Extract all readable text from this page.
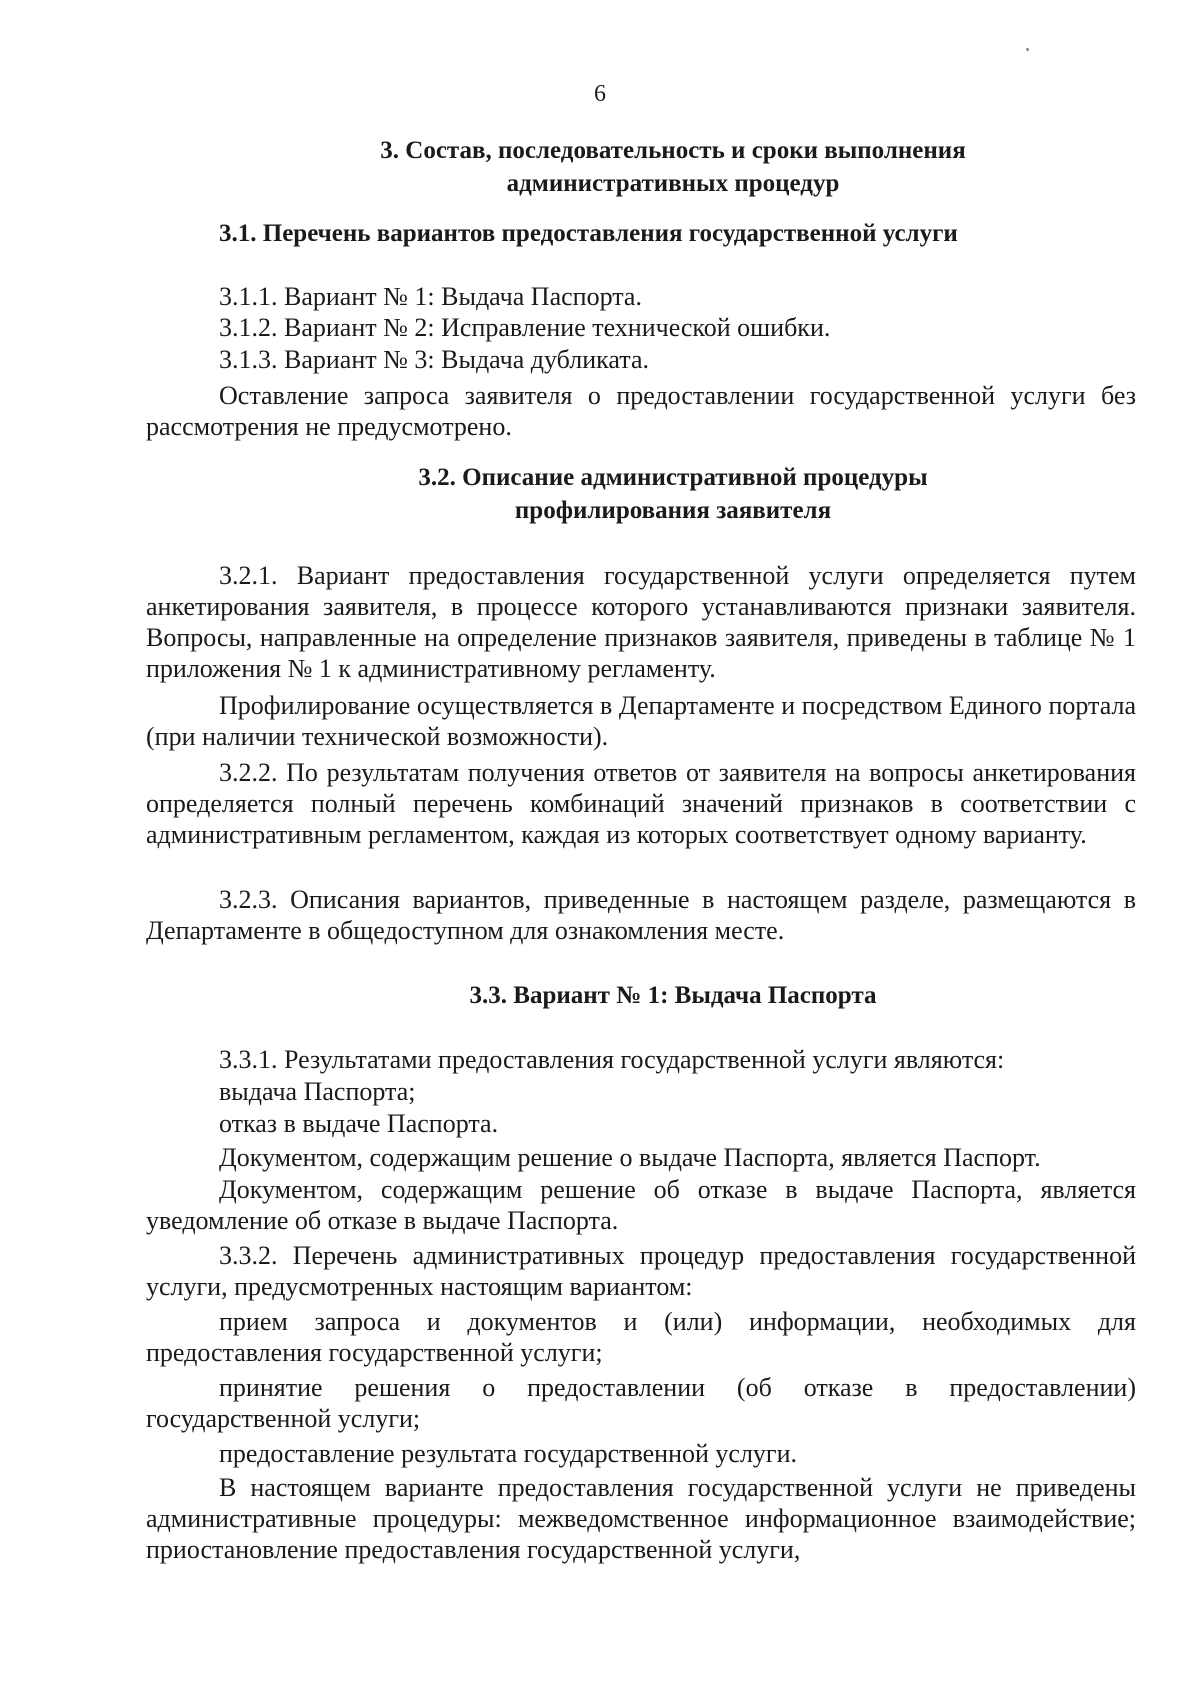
6
3. Состав, последовательность и сроки выполнения
административных процедур
3.1. Перечень вариантов предоставления государственной услуги
3.1.1. Вариант № 1: Выдача Паспорта.
3.1.2. Вариант № 2: Исправление технической ошибки.
3.1.3. Вариант № 3: Выдача дубликата.
Оставление запроса заявителя о предоставлении государственной услуги без рассмотрения не предусмотрено.
3.2. Описание административной процедуры
профилирования заявителя
3.2.1. Вариант предоставления государственной услуги определяется путем анкетирования заявителя, в процессе которого устанавливаются признаки заявителя. Вопросы, направленные на определение признаков заявителя, приведены в таблице № 1 приложения № 1 к административному регламенту.
Профилирование осуществляется в Департаменте и посредством Единого портала (при наличии технической возможности).
3.2.2. По результатам получения ответов от заявителя на вопросы анкетирования определяется полный перечень комбинаций значений признаков в соответствии с административным регламентом, каждая из которых соответствует одному варианту.
3.2.3. Описания вариантов, приведенные в настоящем разделе, размещаются в Департаменте в общедоступном для ознакомления месте.
3.3. Вариант № 1: Выдача Паспорта
3.3.1. Результатами предоставления государственной услуги являются:
выдача Паспорта;
отказ в выдаче Паспорта.
Документом, содержащим решение о выдаче Паспорта, является Паспорт.
Документом, содержащим решение об отказе в выдаче Паспорта, является уведомление об отказе в выдаче Паспорта.
3.3.2. Перечень административных процедур предоставления государственной услуги, предусмотренных настоящим вариантом:
прием запроса и документов и (или) информации, необходимых для предоставления государственной услуги;
принятие решения о предоставлении (об отказе в предоставлении) государственной услуги;
предоставление результата государственной услуги.
В настоящем варианте предоставления государственной услуги не приведены административные процедуры: межведомственное информационное взаимодействие; приостановление предоставления государственной услуги,
